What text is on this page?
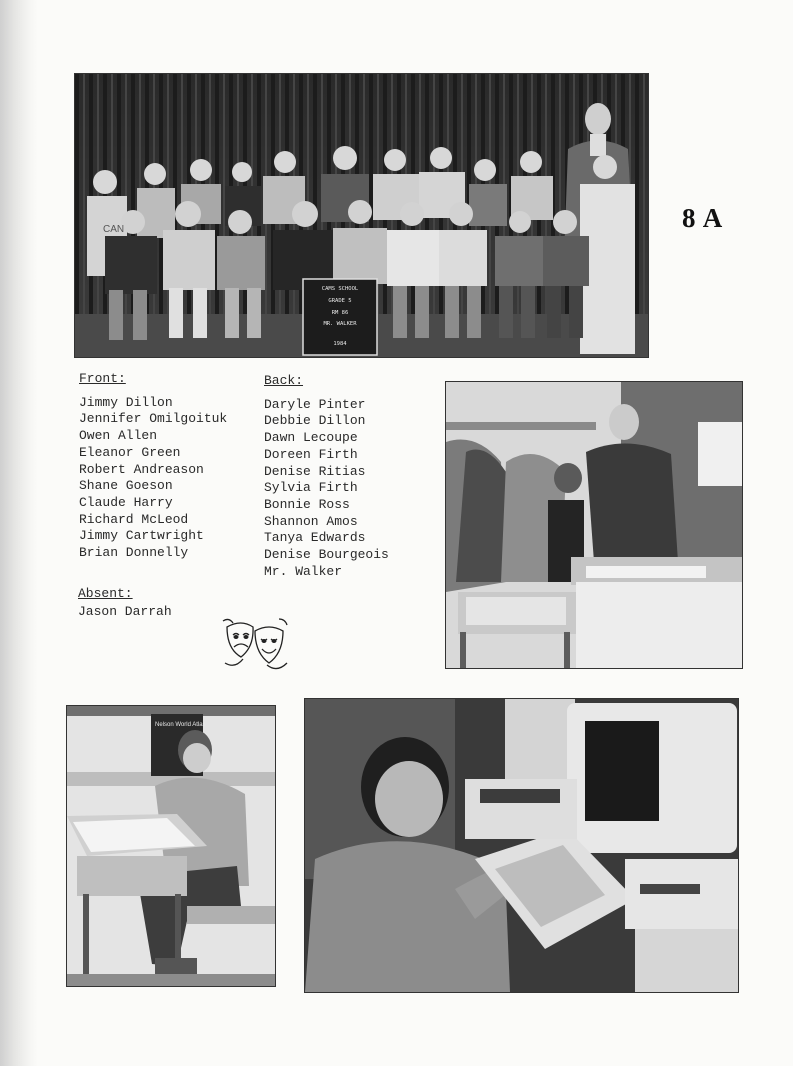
CAN
CAMS SCHOOL
GRADE 5
RM 86
MR. WALKER
1984
8 A
Front:
Jimmy Dillon
Jennifer Omilgoituk
Owen Allen
Eleanor Green
Robert Andreason
Shane Goeson
Claude Harry
Richard McLeod
Jimmy Cartwright
Brian Donnelly
Absent:
Jason Darrah
Back:
Daryle Pinter
Debbie Dillon
Dawn Lecoupe
Doreen Firth
Denise Ritias
Sylvia Firth
Bonnie Ross
Shannon Amos
Tanya Edwards
Denise Bourgeois
Mr. Walker
Nelson World Atlas
